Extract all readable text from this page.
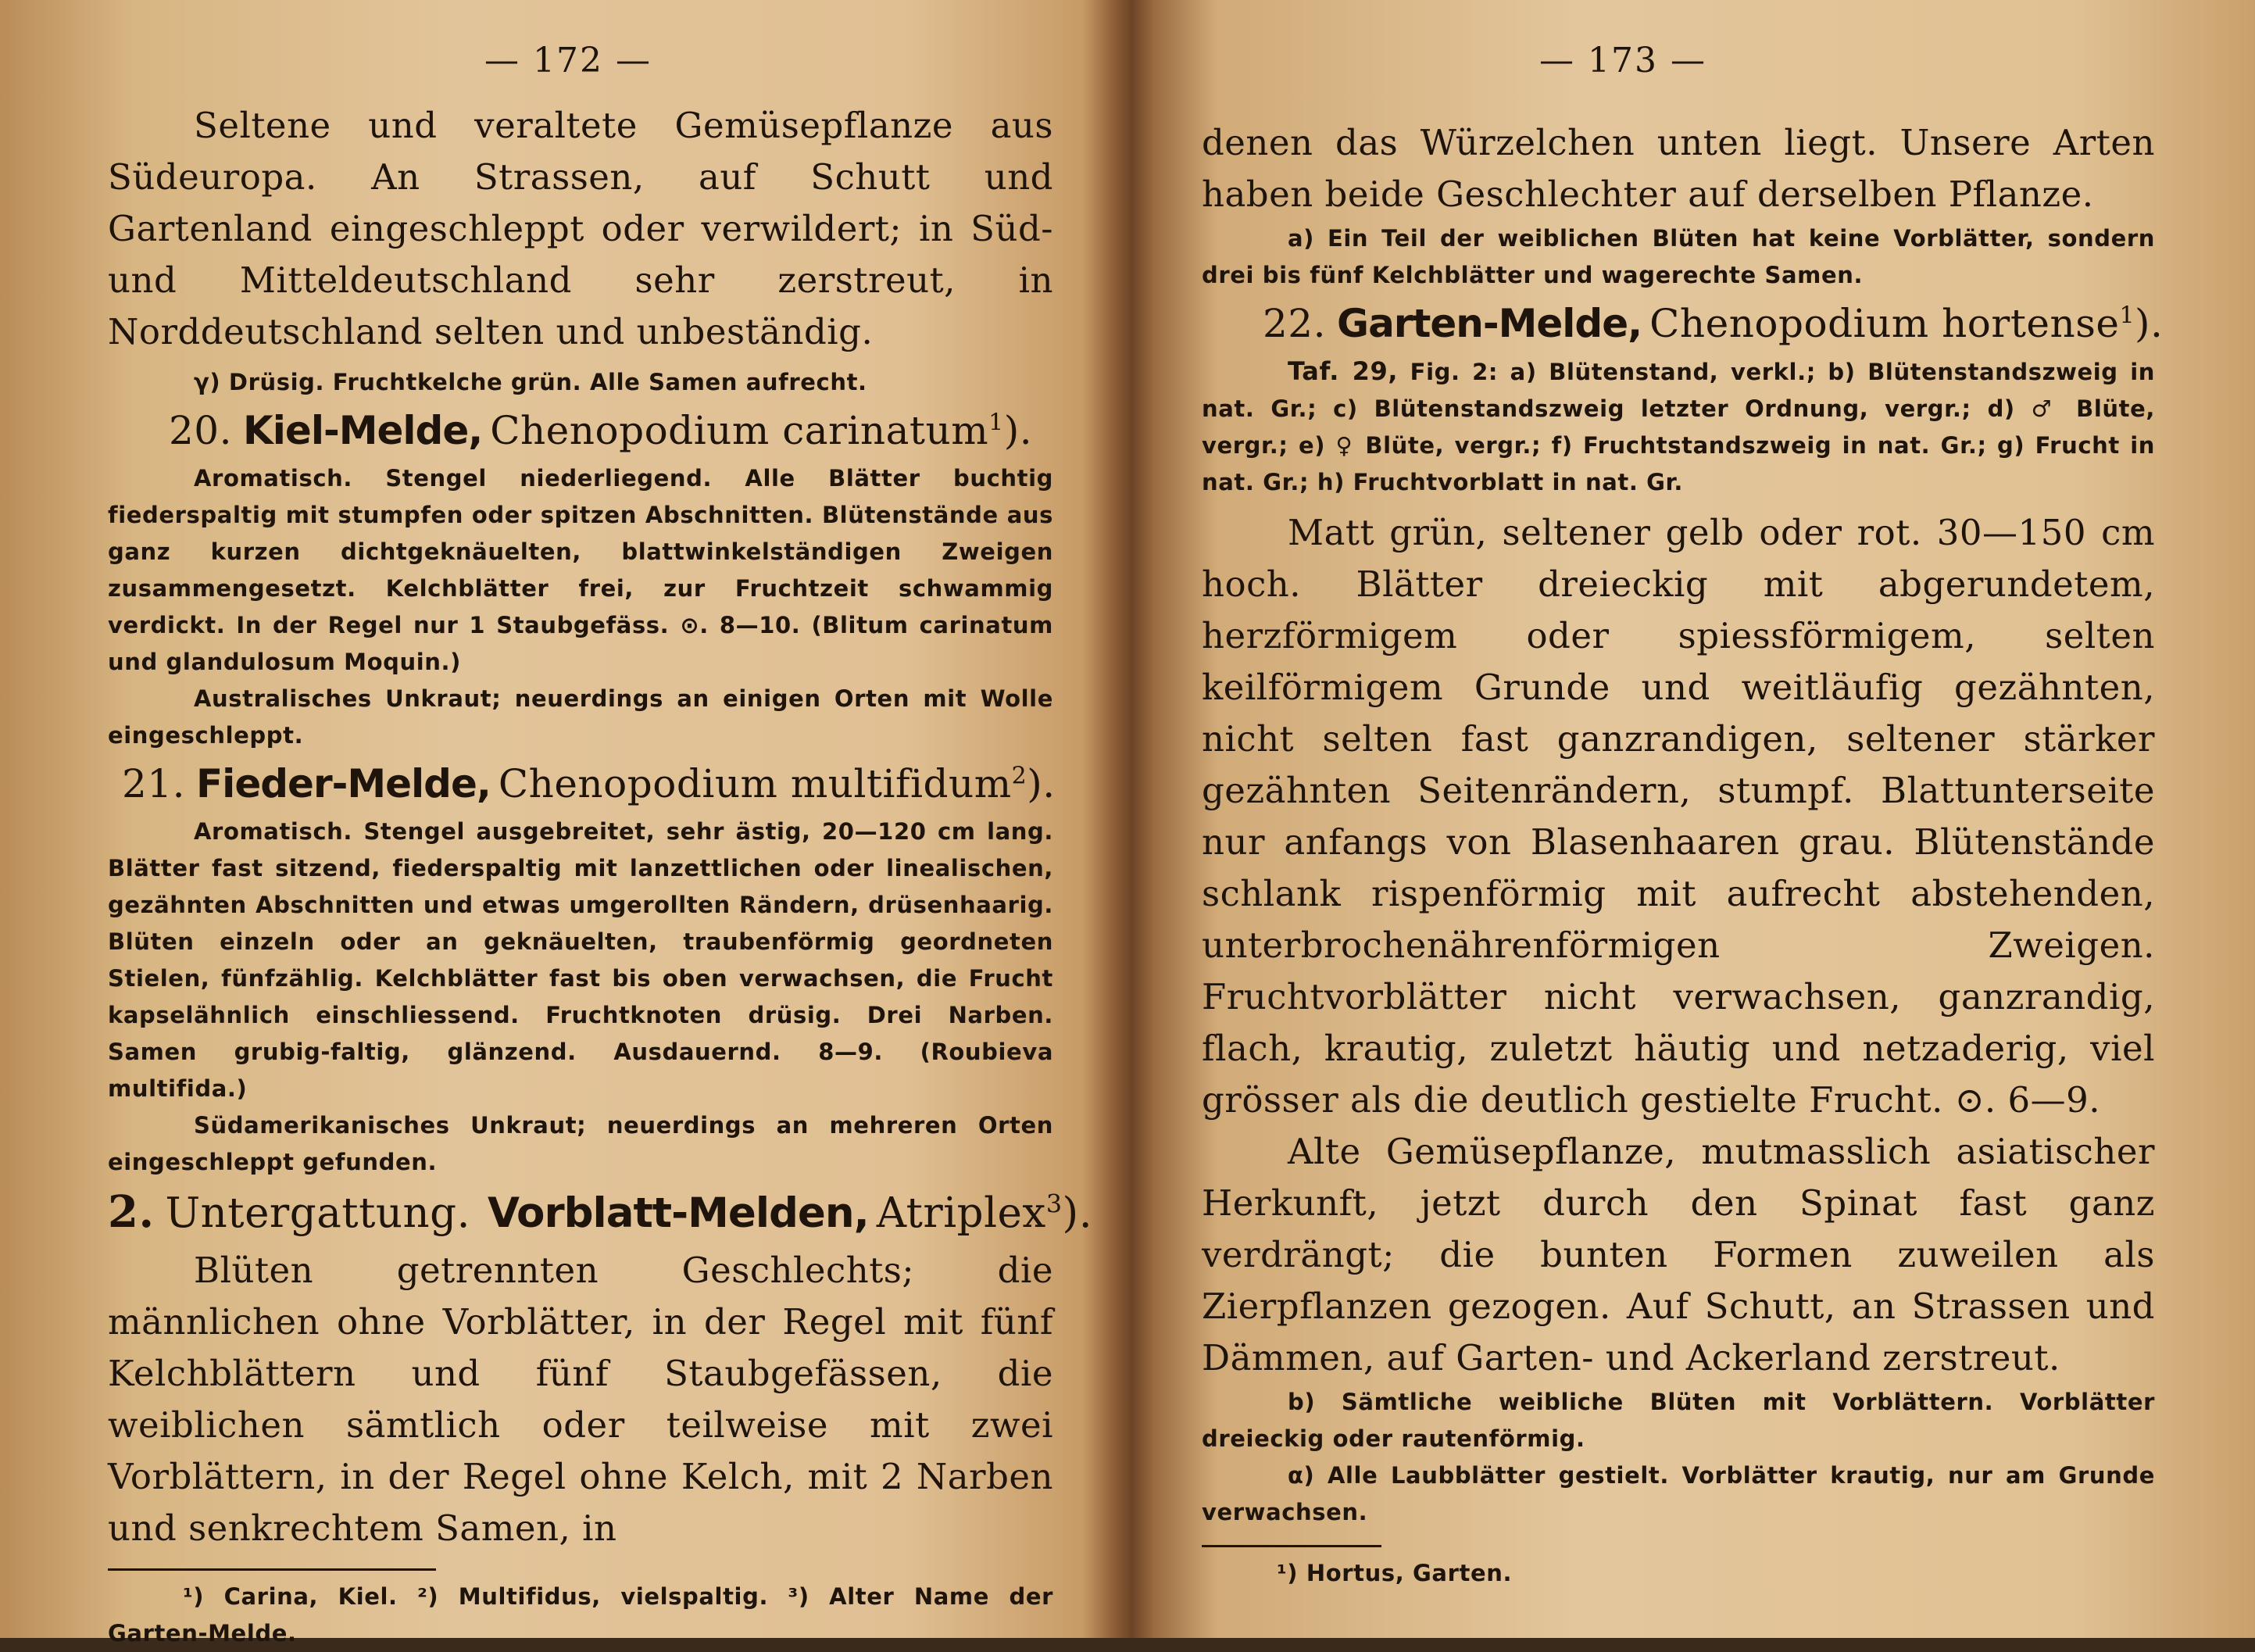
— 172 —

Seltene und veraltete Gemüsepflanze aus Südeuropa. An Strassen, auf Schutt und Gartenland eingeschleppt oder verwildert; in Süd- und Mitteldeutschland sehr zerstreut, in Norddeutschland selten und unbeständig.

γ) Drüsig. Fruchtkelche grün. Alle Samen aufrecht.

20. Kiel-Melde, Chenopodium carinatum$^1$).

Aromatisch. Stengel niederliegend. Alle Blätter buchtig fiederspaltig mit stumpfen oder spitzen Abschnitten. Blütenstände aus ganz kurzen dichtgeknäuelten, blattwinkelständigen Zweigen zusammengesetzt. Kelchblätter frei, zur Fruchtzeit schwammig verdickt. In der Regel nur 1 Staubgefäss. ⊙. 8—10. (Blitum carinatum und glandulosum Moquin.)

Australisches Unkraut; neuerdings an einigen Orten mit Wolle eingeschleppt.

21. Fieder-Melde, Chenopodium multifidum$^2$).

Aromatisch. Stengel ausgebreitet, sehr ästig, 20—120 cm lang. Blätter fast sitzend, fiederspaltig mit lanzettlichen oder linealischen, gezähnten Abschnitten und etwas umgerollten Rändern, drüsenhaarig. Blüten einzeln oder an geknäuelten, traubenförmig geordneten Stielen, fünfzählig. Kelchblätter fast bis oben verwachsen, die Frucht kapselähnlich einschliessend. Fruchtknoten drüsig. Drei Narben. Samen grubig-faltig, glänzend. Ausdauernd. 8—9. (Roubieva multifida.)

Südamerikanisches Unkraut; neuerdings an mehreren Orten eingeschleppt gefunden.

2. Untergattung. Vorblatt-Melden, Atriplex$^3$).

Blüten getrennten Geschlechts; die männlichen ohne Vorblätter, in der Regel mit fünf Kelchblättern und fünf Staubgefässen, die weiblichen sämtlich oder teilweise mit zwei Vorblättern, in der Regel ohne Kelch, mit 2 Narben und senkrechtem Samen, in

¹) Carina, Kiel. ²) Multifidus, vielspaltig. ³) Alter Name der Garten-Melde.

— 173 —

denen das Würzelchen unten liegt. Unsere Arten haben beide Geschlechter auf derselben Pflanze.

a) Ein Teil der weiblichen Blüten hat keine Vorblätter, sondern drei bis fünf Kelchblätter und wagerechte Samen.

22. Garten-Melde, Chenopodium hortense$^1$).

Taf. 29, Fig. 2: a) Blütenstand, verkl.; b) Blütenstandszweig in nat. Gr.; c) Blütenstandszweig letzter Ordnung, vergr.; d) ♂ Blüte, vergr.; e) ♀ Blüte, vergr.; f) Fruchtstandszweig in nat. Gr.; g) Frucht in nat. Gr.; h) Fruchtvorblatt in nat. Gr.

Matt grün, seltener gelb oder rot. 30—150 cm hoch. Blätter dreieckig mit abgerundetem, herzförmigem oder spiessförmigem, selten keilförmigem Grunde und weitläufig gezähnten, nicht selten fast ganzrandigen, seltener stärker gezähnten Seitenrändern, stumpf. Blattunterseite nur anfangs von Blasenhaaren grau. Blütenstände schlank rispenförmig mit aufrecht abstehenden, unterbrochenährenförmigen Zweigen. Fruchtvorblätter nicht verwachsen, ganzrandig, flach, krautig, zuletzt häutig und netzaderig, viel grösser als die deutlich gestielte Frucht. ⊙. 6—9.

Alte Gemüsepflanze, mutmasslich asiatischer Herkunft, jetzt durch den Spinat fast ganz verdrängt; die bunten Formen zuweilen als Zierpflanzen gezogen. Auf Schutt, an Strassen und Dämmen, auf Garten- und Ackerland zerstreut.

b) Sämtliche weibliche Blüten mit Vorblättern. Vorblätter dreieckig oder rautenförmig.

α) Alle Laubblätter gestielt. Vorblätter krautig, nur am Grunde verwachsen.

¹) Hortus, Garten.
